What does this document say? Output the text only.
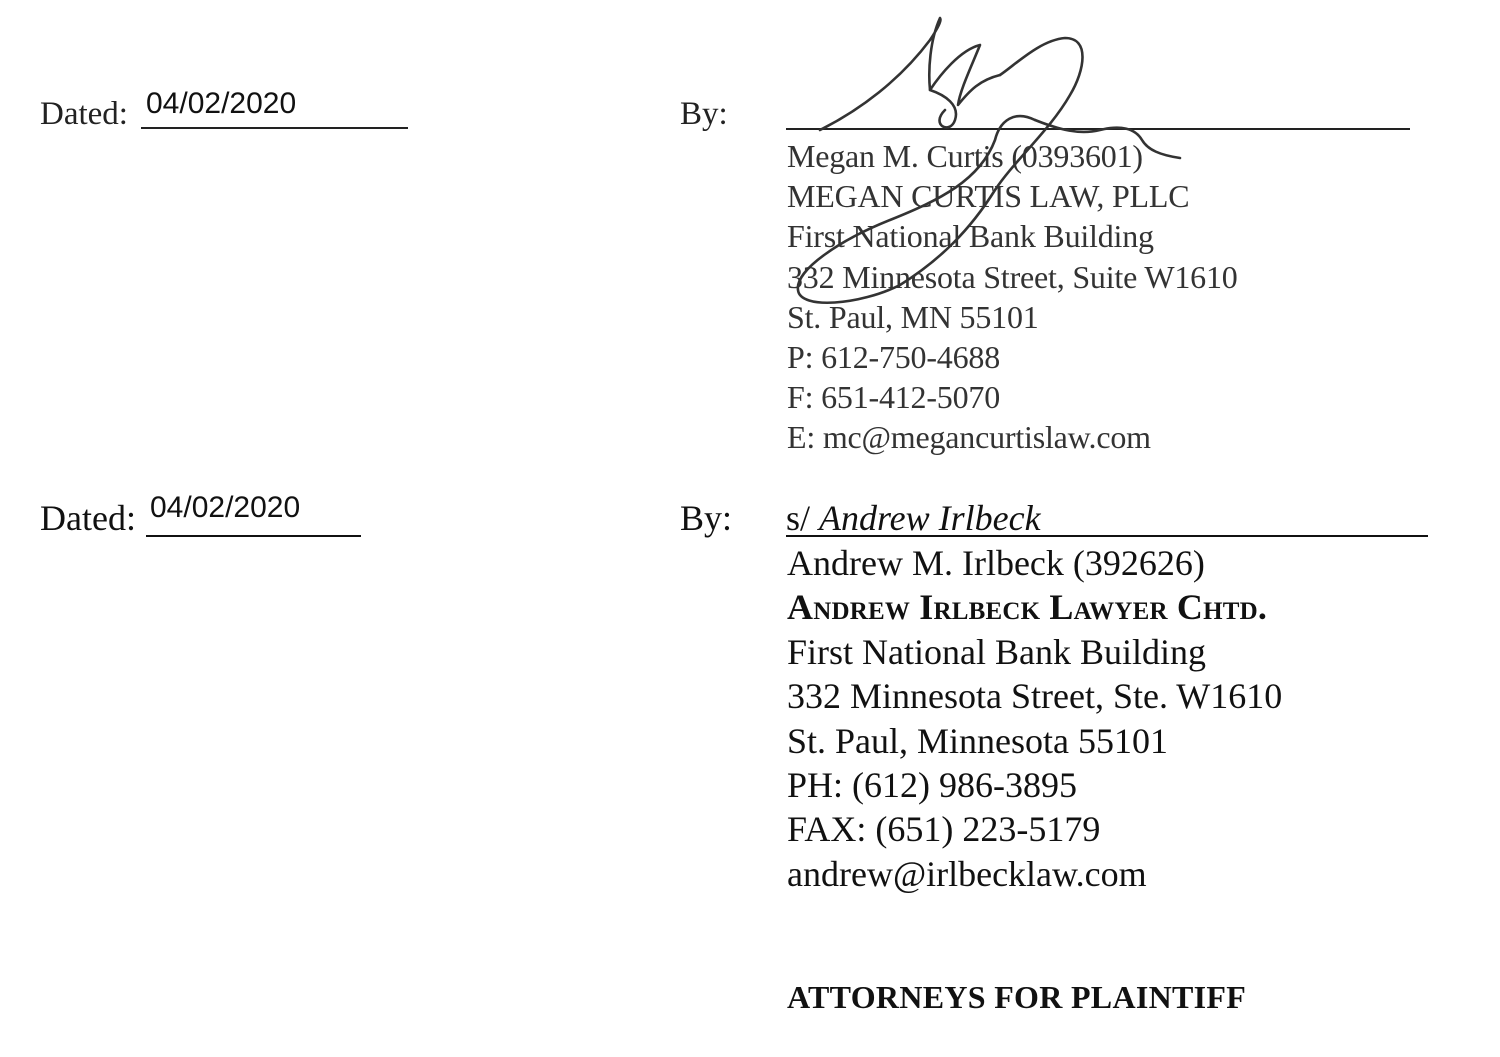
Dated: 04/02/2020	By:
Megan M. Curtis (0393601)
MEGAN CURTIS LAW, PLLC
First National Bank Building
332 Minnesota Street, Suite W1610
St. Paul, MN 55101
P: 612-750-4688
F: 651-412-5070
E: mc@megancurtislaw.com
Dated: 04/02/2020	By: s/ Andrew Irlbeck
Andrew M. Irlbeck (392626)
Andrew Irlbeck Lawyer Chtd.
First National Bank Building
332 Minnesota Street, Ste. W1610
St. Paul, Minnesota 55101
PH: (612) 986-3895
FAX: (651) 223-5179
andrew@irlbecklaw.com
ATTORNEYS FOR PLAINTIFF
